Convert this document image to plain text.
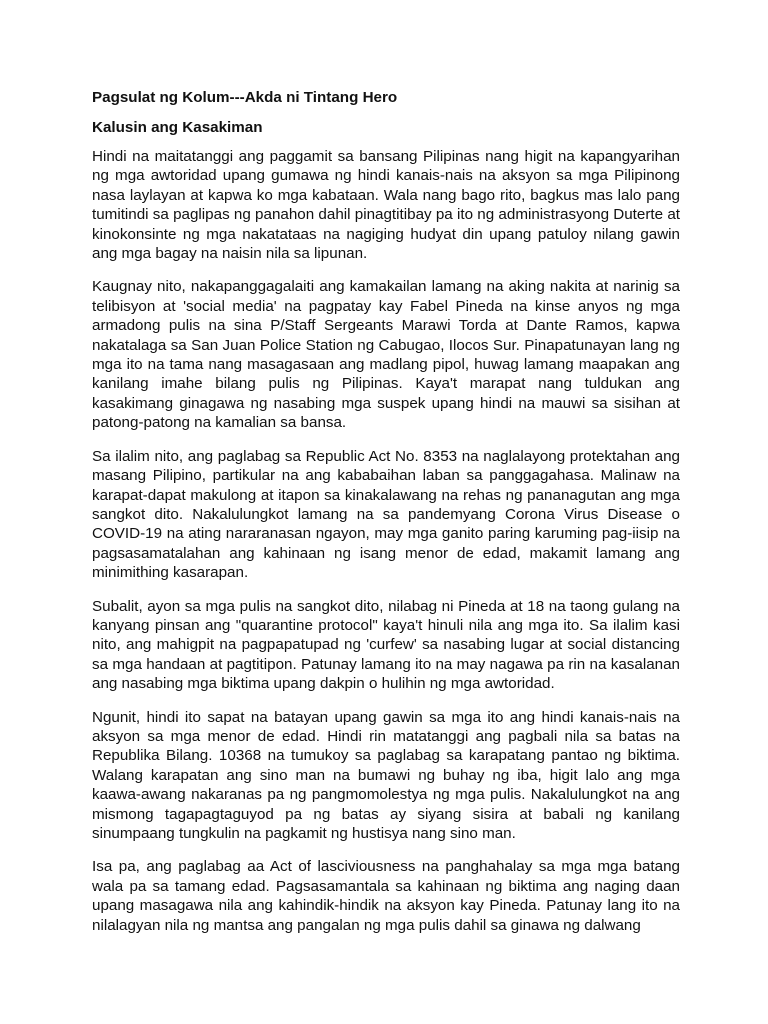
Pagsulat ng Kolum---Akda ni Tintang Hero

Kalusin ang Kasakiman

Hindi na maitatanggi ang paggamit sa bansang Pilipinas nang higit na kapangyarihan ng mga awtoridad upang gumawa ng hindi kanais-nais na aksyon sa mga Pilipinong nasa laylayan at kapwa ko mga kabataan. Wala nang bago rito, bagkus mas lalo pang tumitindi sa paglipas ng panahon dahil pinagtitibay pa ito ng administrasyong Duterte at kinokonsinte ng mga nakatataas na nagiging hudyat din upang patuloy nilang gawin ang mga bagay na naisin nila sa lipunan.

Kaugnay nito, nakapanggagalaiti ang kamakailan lamang na aking nakita at narinig sa telibisyon at 'social media' na pagpatay kay Fabel Pineda na kinse anyos ng mga armadong pulis na sina P/Staff Sergeants Marawi Torda at Dante Ramos, kapwa nakatalaga sa San Juan Police Station ng Cabugao, Ilocos Sur. Pinapatunayan lang ng mga ito na tama nang masagasaan ang madlang pipol, huwag lamang maapakan ang kanilang imahe bilang pulis ng Pilipinas. Kaya't marapat nang tuldukan ang kasakimang ginagawa ng nasabing mga suspek upang hindi na mauwi sa sisihan at patong-patong na kamalian sa bansa.

Sa ilalim nito, ang paglabag sa Republic Act No. 8353 na naglalayong protektahan ang masang Pilipino, partikular na ang kababaihan laban sa panggagahasa. Malinaw na karapat-dapat makulong at itapon sa kinakalawang na rehas ng pananagutan ang mga sangkot dito. Nakalulungkot lamang na sa pandemyang Corona Virus Disease o COVID-19 na ating nararanasan ngayon, may mga ganito paring karuming pag-iisip na pagsasamatalahan ang kahinaan ng isang menor de edad, makamit lamang ang minimithing kasarapan.

Subalit, ayon sa mga pulis na sangkot dito, nilabag ni Pineda at 18 na taong gulang na kanyang pinsan ang "quarantine protocol" kaya't hinuli nila ang mga ito. Sa ilalim kasi nito, ang mahigpit na pagpapatupad ng 'curfew' sa nasabing lugar at social distancing sa mga handaan at pagtitipon. Patunay lamang ito na may nagawa pa rin na kasalanan ang nasabing mga biktima upang dakpin o hulihin ng mga awtoridad.

Ngunit, hindi ito sapat na batayan upang gawin sa mga ito ang hindi kanais-nais na aksyon sa mga menor de edad. Hindi rin matatanggi ang pagbali nila sa batas na Republika Bilang. 10368 na tumukoy sa paglabag sa karapatang pantao ng biktima. Walang karapatan ang sino man na bumawi ng buhay ng iba, higit lalo ang mga kaawa-awang nakaranas pa ng pangmomolestya ng mga pulis. Nakalulungkot na ang mismong tagapagtaguyod pa ng batas ay siyang sisira at babali ng kanilang sinumpaang tungkulin na pagkamit ng hustisya nang sino man.

Isa pa, ang paglabag aa Act of lasciviousness na panghahalay sa mga mga batang wala pa sa tamang edad. Pagsasamantala sa kahinaan ng biktima ang naging daan upang masagawa nila ang kahindik-hindik na aksyon kay Pineda. Patunay lang ito na nilalagyan nila ng mantsa ang pangalan ng mga pulis dahil sa ginawa ng dalwang
